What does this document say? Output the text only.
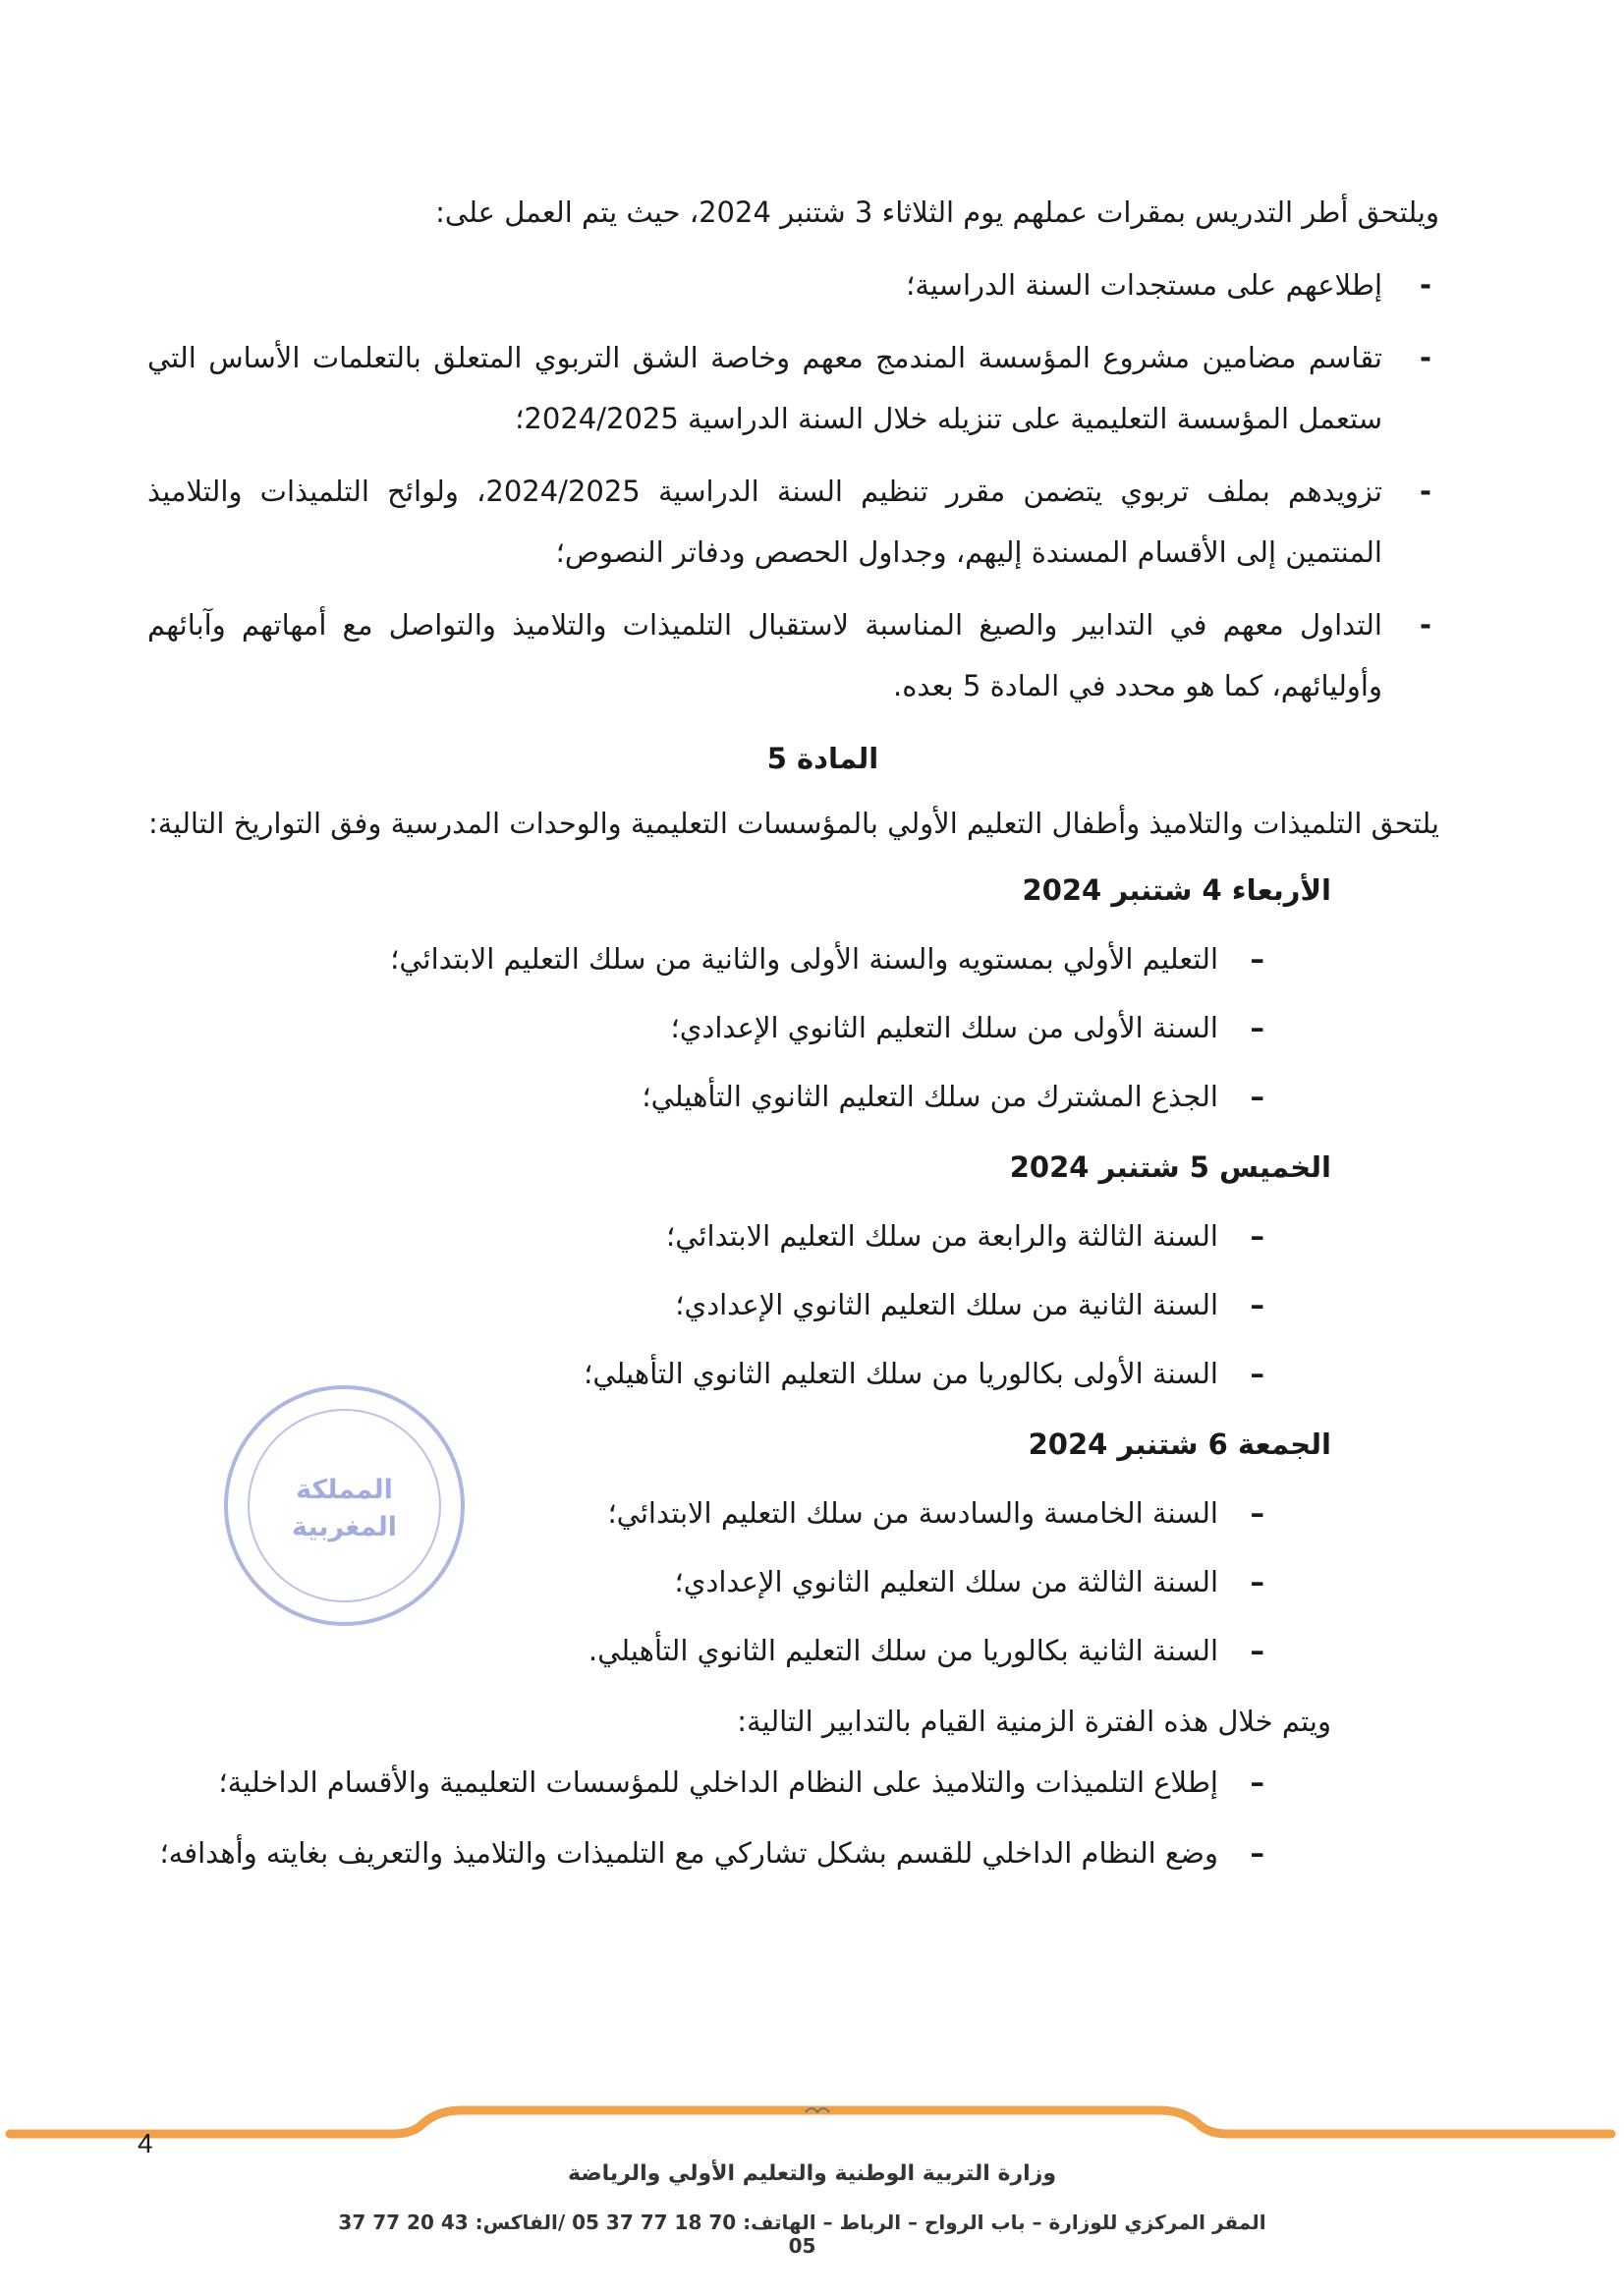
ويلتحق أطر التدريس بمقرات عملهم يوم الثلاثاء 3 شتنبر 2024، حيث يتم العمل على:

- إطلاعهم على مستجدات السنة الدراسية؛
- تقاسم مضامين مشروع المؤسسة المندمج معهم وخاصة الشق التربوي المتعلق بالتعلمات الأساس التي ستعمل المؤسسة التعليمية على تنزيله خلال السنة الدراسية 2024/2025؛
- تزويدهم بملف تربوي يتضمن مقرر تنظيم السنة الدراسية 2024/2025، ولوائح التلميذات والتلاميذ المنتمين إلى الأقسام المسندة إليهم، وجداول الحصص ودفاتر النصوص؛
- التداول معهم في التدابير والصيغ المناسبة لاستقبال التلميذات والتلاميذ والتواصل مع أمهاتهم وآبائهم وأوليائهم، كما هو محدد في المادة 5 بعده.

المادة 5

يلتحق التلميذات والتلاميذ وأطفال التعليم الأولي بالمؤسسات التعليمية والوحدات المدرسية وفق التواريخ التالية:

الأربعاء 4 شتنبر 2024

– التعليم الأولي بمستويه والسنة الأولى والثانية من سلك التعليم الابتدائي؛
– السنة الأولى من سلك التعليم الثانوي الإعدادي؛
– الجذع المشترك من سلك التعليم الثانوي التأهيلي؛

الخميس 5 شتنبر 2024

– السنة الثالثة والرابعة من سلك التعليم الابتدائي؛
– السنة الثانية من سلك التعليم الثانوي الإعدادي؛
– السنة الأولى بكالوريا من سلك التعليم الثانوي التأهيلي؛

الجمعة 6 شتنبر 2024

– السنة الخامسة والسادسة من سلك التعليم الابتدائي؛
– السنة الثالثة من سلك التعليم الثانوي الإعدادي؛
– السنة الثانية بكالوريا من سلك التعليم الثانوي التأهيلي.

ويتم خلال هذه الفترة الزمنية القيام بالتدابير التالية:

– إطلاع التلميذات والتلاميذ على النظام الداخلي للمؤسسات التعليمية والأقسام الداخلية؛
– وضع النظام الداخلي للقسم بشكل تشاركي مع التلميذات والتلاميذ والتعريف بغايته وأهدافه؛
المملكة
المغربية
4
وزارة التربية الوطنية والتعليم الأولي والرياضة
المقر المركزي للوزارة – باب الرواح – الرباط – الهاتف: 70 18 77 37 05 /الفاكس: 43 20 77 37 05
